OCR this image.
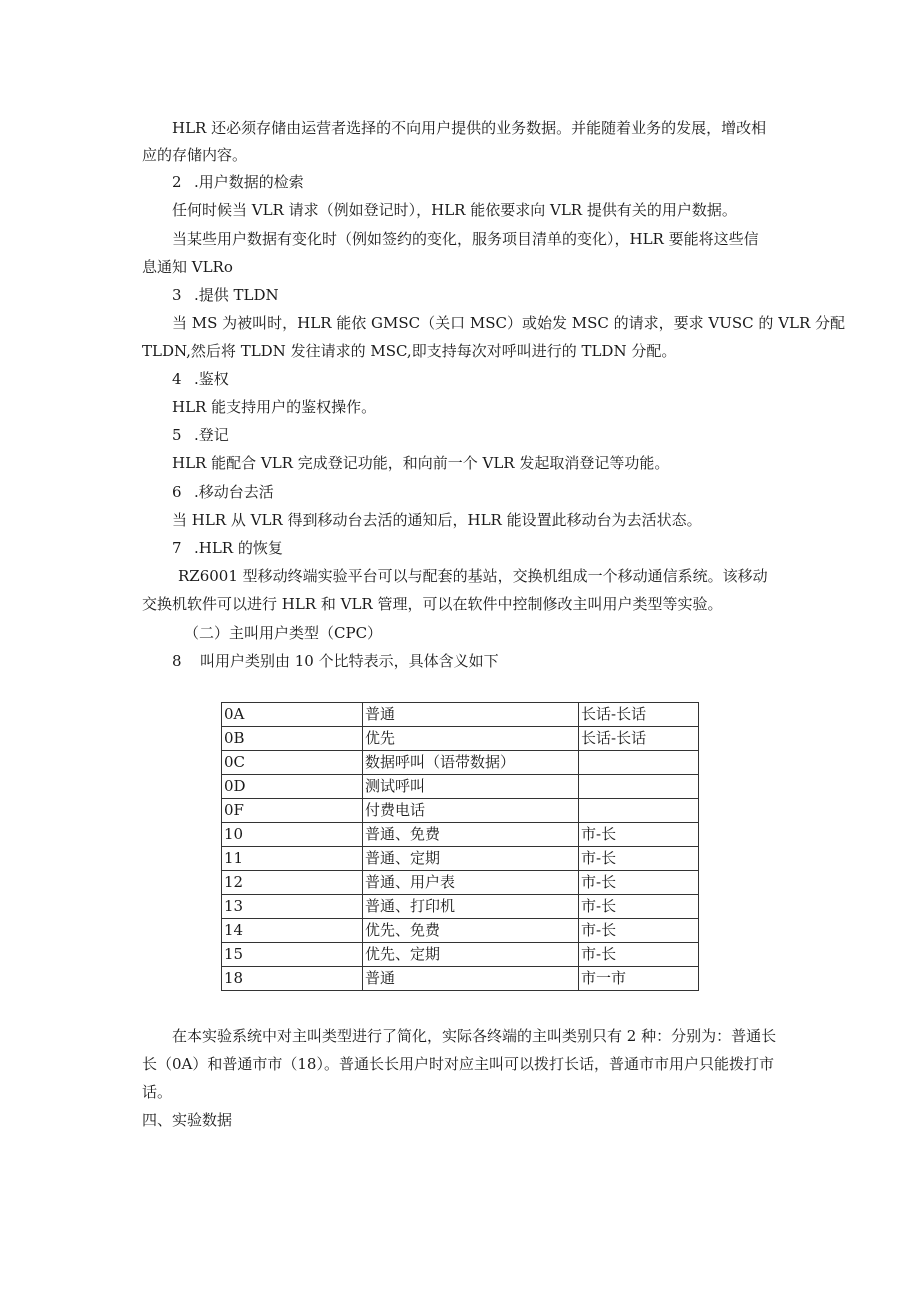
HLR 还必须存储由运营者选择的不向用户提供的业务数据。并能随着业务的发展，增改相
应的存储内容。
2 .用户数据的检索
任何时候当 VLR 请求（例如登记时），HLR 能依要求向 VLR 提供有关的用户数据。
当某些用户数据有变化时（例如签约的变化，服务项目清单的变化），HLR 要能将这些信
息通知 VLRo
3 .提供 TLDN
当 MS 为被叫时，HLR 能依 GMSC（关口 MSC）或始发 MSC 的请求，要求 VUSC 的 VLR 分配
TLDN,然后将 TLDN 发往请求的 MSC,即支持每次对呼叫进行的 TLDN 分配。
4 .鉴权
HLR 能支持用户的鉴权操作。
5 .登记
HLR 能配合 VLR 完成登记功能，和向前一个 VLR 发起取消登记等功能。
6 .移动台去活
当 HLR 从 VLR 得到移动台去活的通知后，HLR 能设置此移动台为去活状态。
7 .HLR 的恢复
RZ6001 型移动终端实验平台可以与配套的基站，交换机组成一个移动通信系统。该移动
交换机软件可以进行 HLR 和 VLR 管理，可以在软件中控制修改主叫用户类型等实验。
（二）主叫用户类型（CPC）
8 叫用户类别由 10 个比特表示，具体含义如下
0A	普通	长话-长话
0B	优先	长话-长话
0C	数据呼叫（语带数据）	
0D	测试呼叫	
0F	付费电话	
10	普通、免费	市-长
11	普通、定期	市-长
12	普通、用户表	市-长
13	普通、打印机	市-长
14	优先、免费	市-长
15	优先、定期	市-长
18	普通	市一市
在本实验系统中对主叫类型进行了简化，实际各终端的主叫类别只有 2 种：分别为：普通长
长（0A）和普通市市（18）。普通长长用户时对应主叫可以拨打长话，普通市市用户只能拨打市
话。
四、实验数据
